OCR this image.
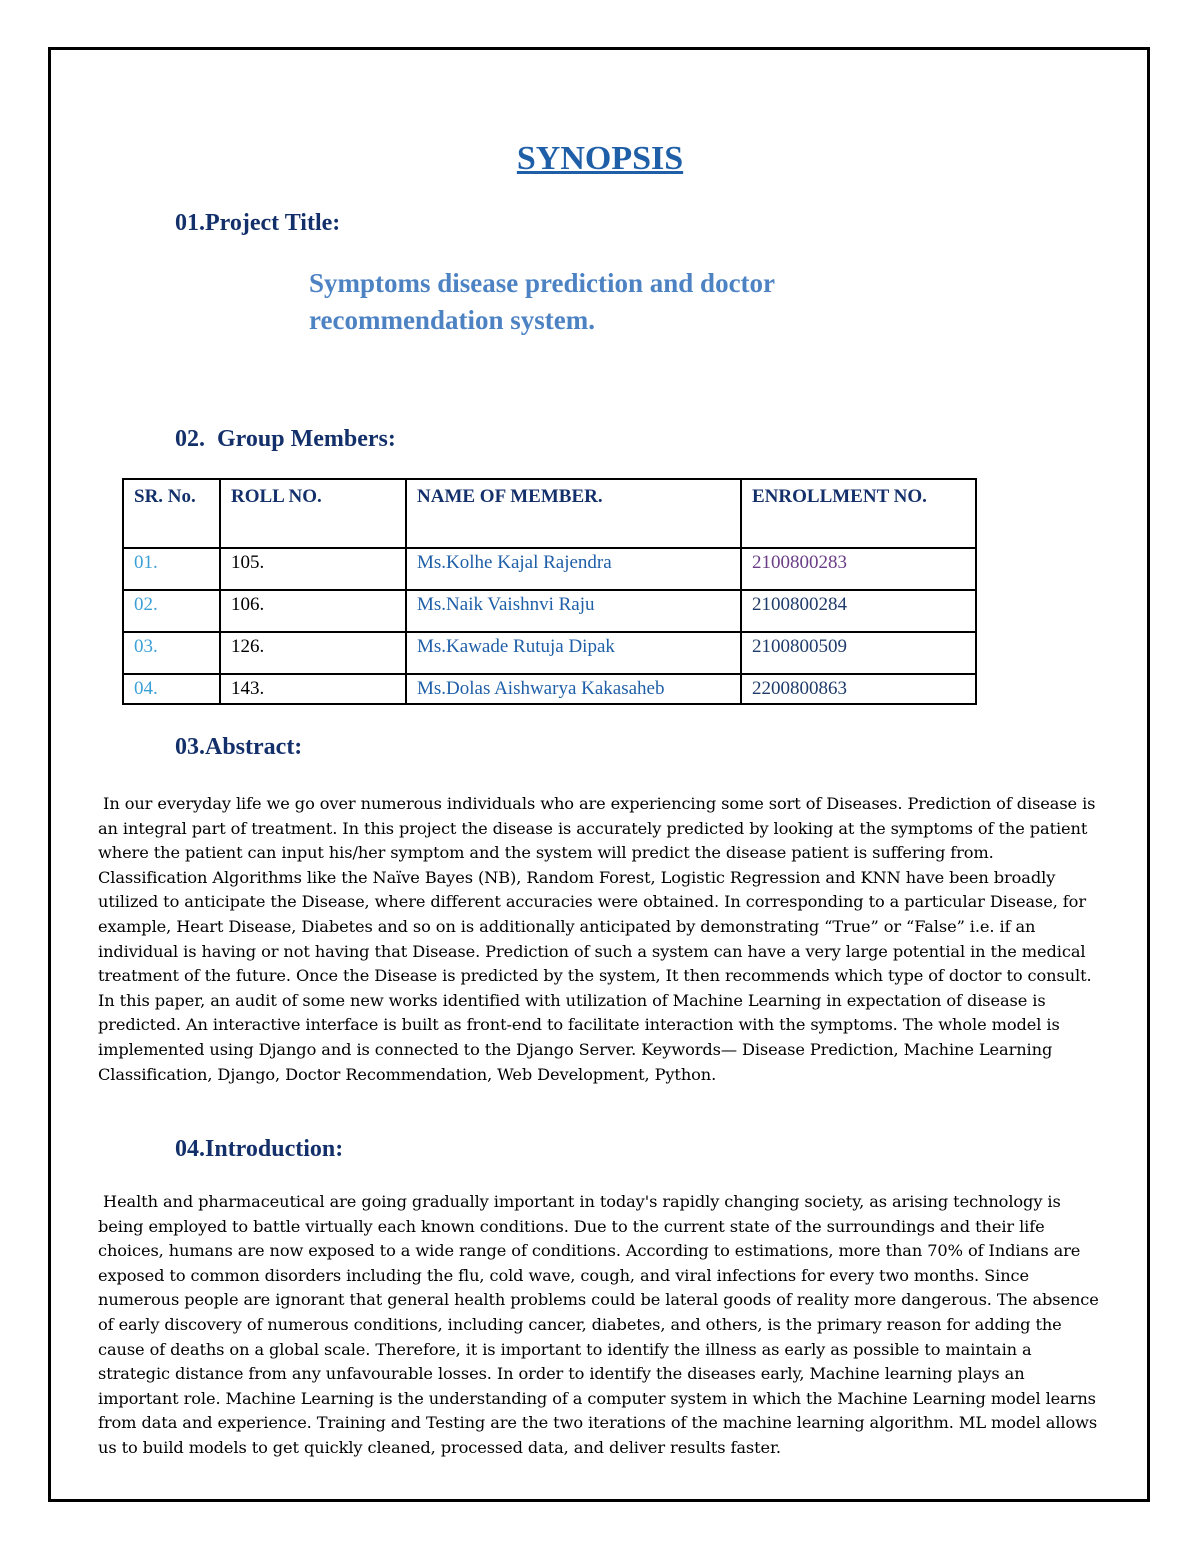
SYNOPSIS
01.Project Title:
Symptoms disease prediction and doctor recommendation system.
02.  Group Members:
SR. No.	ROLL NO.	NAME OF MEMBER.	ENROLLMENT NO.
01.	105.	Ms.Kolhe Kajal Rajendra	2100800283
02.	106.	Ms.Naik Vaishnvi Raju	2100800284
03.	126.	Ms.Kawade Rutuja Dipak	2100800509
04.	143.	Ms.Dolas Aishwarya Kakasaheb	2200800863
03.Abstract:

In our everyday life we go over numerous individuals who are experiencing some sort of Diseases. Prediction of disease is an integral part of treatment. In this project the disease is accurately predicted by looking at the symptoms of the patient where the patient can input his/her symptom and the system will predict the disease patient is suffering from. Classification Algorithms like the Naïve Bayes (NB), Random Forest, Logistic Regression and KNN have been broadly utilized to anticipate the Disease, where different accuracies were obtained. In corresponding to a particular Disease, for example, Heart Disease, Diabetes and so on is additionally anticipated by demonstrating “True” or “False” i.e. if an individual is having or not having that Disease. Prediction of such a system can have a very large potential in the medical treatment of the future. Once the Disease is predicted by the system, It then recommends which type of doctor to consult. In this paper, an audit of some new works identified with utilization of Machine Learning in expectation of disease is predicted. An interactive interface is built as front-end to facilitate interaction with the symptoms. The whole model is implemented using Django and is connected to the Django Server. Keywords— Disease Prediction, Machine Learning Classification, Django, Doctor Recommendation, Web Development, Python.

04.Introduction:

Health and pharmaceutical are going gradually important in today's rapidly changing society, as arising technology is being employed to battle virtually each known conditions. Due to the current state of the surroundings and their life choices, humans are now exposed to a wide range of conditions. According to estimations, more than 70% of Indians are exposed to common disorders including the flu, cold wave, cough, and viral infections for every two months. Since numerous people are ignorant that general health problems could be lateral goods of reality more dangerous. The absence of early discovery of numerous conditions, including cancer, diabetes, and others, is the primary reason for adding the cause of deaths on a global scale. Therefore, it is important to identify the illness as early as possible to maintain a strategic distance from any unfavourable losses. In order to identify the diseases early, Machine learning plays an important role. Machine Learning is the understanding of a computer system in which the Machine Learning model learns from data and experience. Training and Testing are the two iterations of the machine learning algorithm. ML model allows us to build models to get quickly cleaned, processed data, and deliver results faster.
